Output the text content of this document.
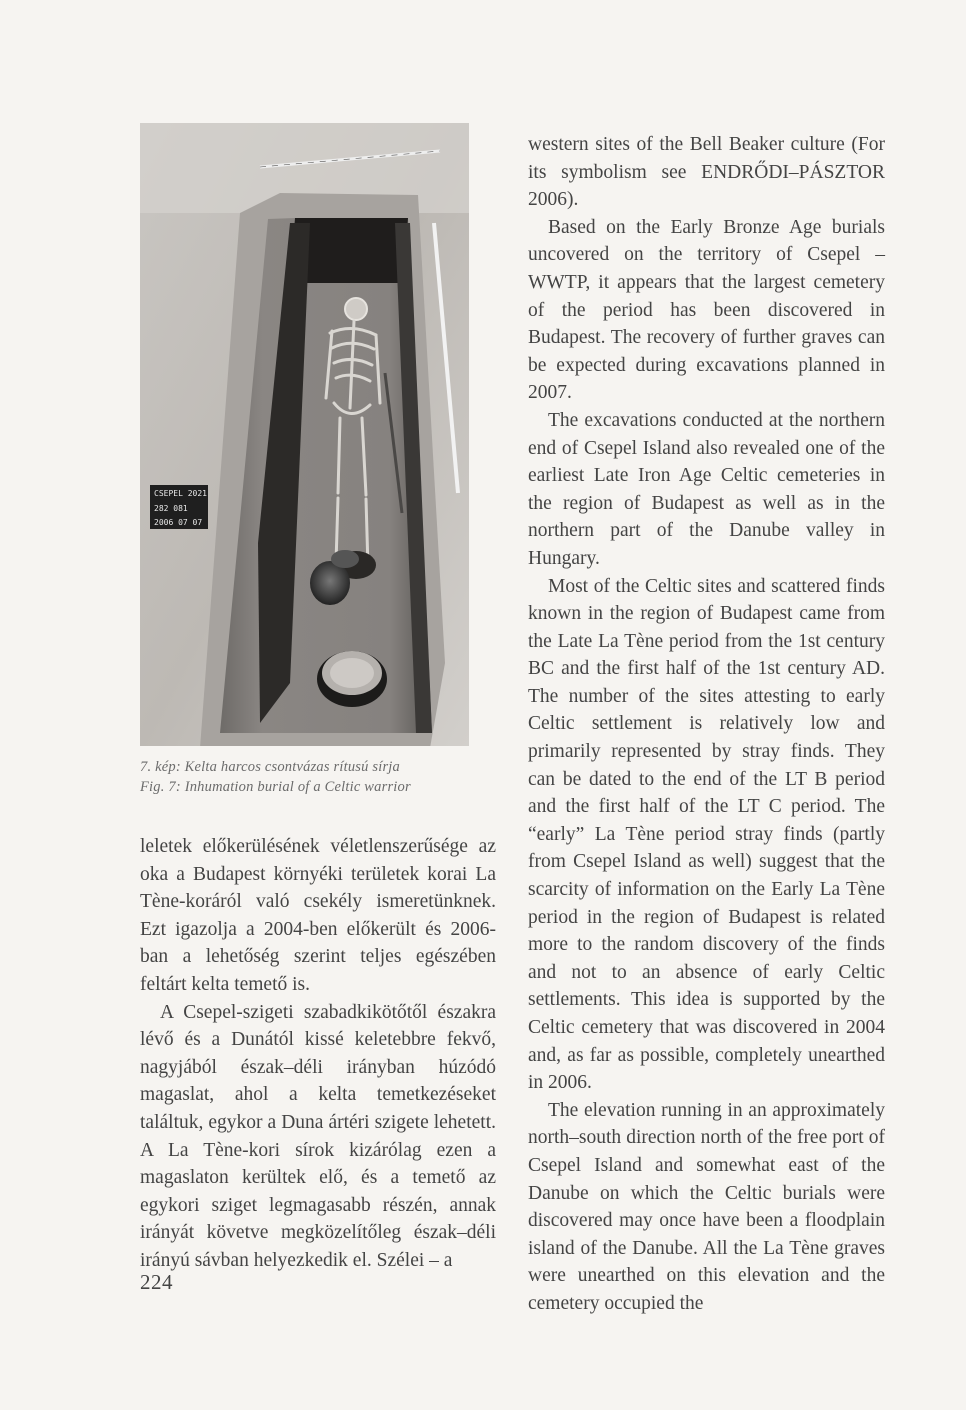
CSEPEL 2021
282 081
2006 07 07
7. kép: Kelta harcos csontvázas rítusú sírja
Fig. 7: Inhumation burial of a Celtic warrior

leletek előkerülésének véletlenszerűsége az oka a Budapest környéki területek korai La Tène-koráról való csekély ismeretünknek. Ezt igazolja a 2004-ben előkerült és 2006-ban a lehetőség szerint teljes egészében feltárt kelta temető is.

A Csepel-szigeti szabadkikötőtől északra lévő és a Dunától kissé keletebbre fekvő, nagyjából észak–déli irányban húzódó magaslat, ahol a kelta temetkezéseket találtuk, egykor a Duna ártéri szigete lehetett. A La Tène-kori sírok kizárólag ezen a magaslaton kerültek elő, és a temető az egykori sziget legmagasabb részén, annak irányát követve megközelítőleg észak–déli irányú sávban helyezkedik el. Szélei – a

western sites of the Bell Beaker culture (For its symbolism see ENDRŐDI–PÁSZTOR 2006).

Based on the Early Bronze Age burials uncovered on the territory of Csepel – WWTP, it appears that the largest cemetery of the period has been discovered in Budapest. The recovery of further graves can be expected during excavations planned in 2007.

The excavations conducted at the northern end of Csepel Island also revealed one of the earliest Late Iron Age Celtic cemeteries in the region of Budapest as well as in the northern part of the Danube valley in Hungary.

Most of the Celtic sites and scattered finds known in the region of Budapest came from the Late La Tène period from the 1st century BC and the first half of the 1st century AD. The number of the sites attesting to early Celtic settlement is relatively low and primarily represented by stray finds. They can be dated to the end of the LT B period and the first half of the LT C period. The “early” La Tène period stray finds (partly from Csepel Island as well) suggest that the scarcity of information on the Early La Tène period in the region of Budapest is related more to the random discovery of the finds and not to an absence of early Celtic settlements. This idea is supported by the Celtic cemetery that was discovered in 2004 and, as far as possible, completely unearthed in 2006.

The elevation running in an approximately north–south direction north of the free port of Csepel Island and somewhat east of the Danube on which the Celtic burials were discovered may once have been a floodplain island of the Danube. All the La Tène graves were unearthed on this elevation and the cemetery occupied the

224
